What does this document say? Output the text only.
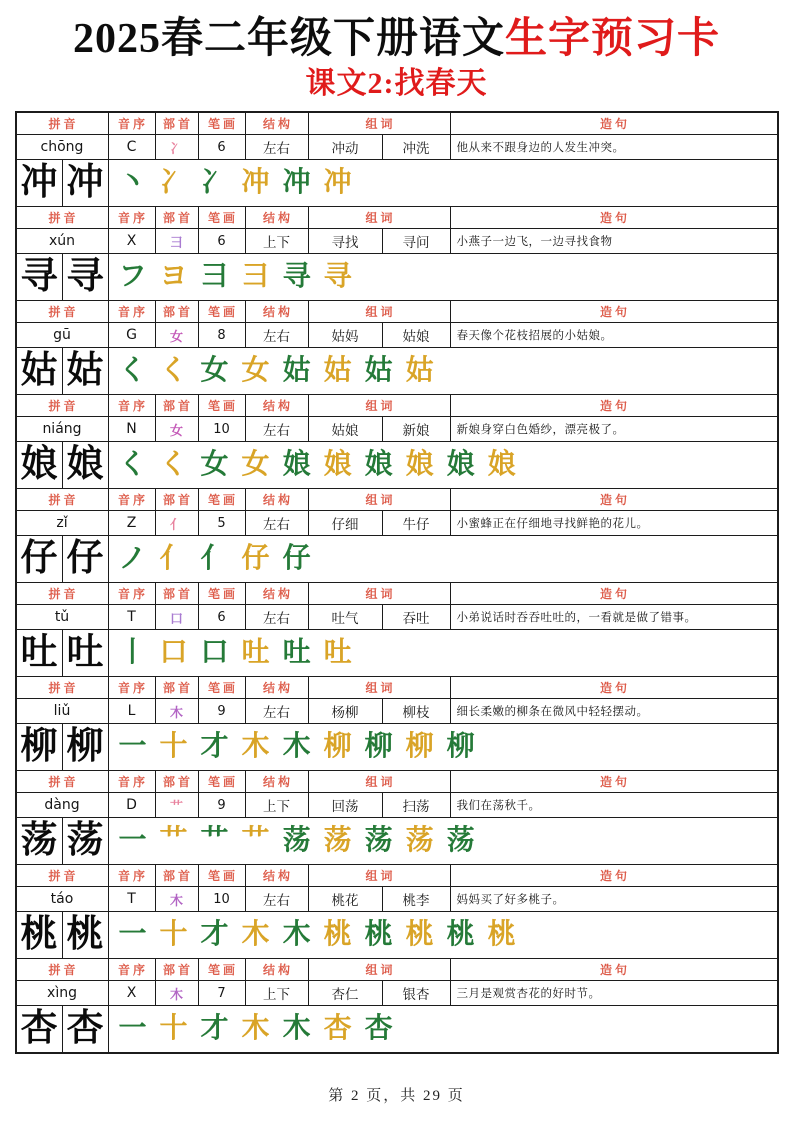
2025春二年级下册语文生字预习卡
课文2:找春天
拼音	音序	部首	笔画	结构	组词	造句
chōng	C	冫	6	左右	冲动	冲洗	他从来不跟身边的人发生冲突。
冲 冲 丶 冫 冫 冲 冲 冲
拼音	音序	部首	笔画	结构	组词	造句
xún	X	彐	6	上下	寻找	寻问	小燕子一边飞，一边寻找食物
寻 寻 フ ヨ 彐 彐 寻 寻
拼音	音序	部首	笔画	结构	组词	造句
gū	G	女	8	左右	姑妈	姑娘	春天像个花枝招展的小姑娘。
姑 姑 く く 女 女 姑 姑 姑 姑
拼音	音序	部首	笔画	结构	组词	造句
niáng	N	女	10	左右	姑娘	新娘	新娘身穿白色婚纱，漂亮极了。
娘 娘 く く 女 女 娘 娘 娘 娘 娘 娘
拼音	音序	部首	笔画	结构	组词	造句
zǐ	Z	亻	5	左右	仔细	牛仔	小蜜蜂正在仔细地寻找鲜艳的花儿。
仔 仔 ノ 亻 亻 仔 仔
拼音	音序	部首	笔画	结构	组词	造句
tǔ	T	口	6	左右	吐气	吞吐	小弟说话时吞吞吐吐的，一看就是做了错事。
吐 吐 丨 口 口 吐 吐 吐
拼音	音序	部首	笔画	结构	组词	造句
liǔ	L	木	9	左右	杨柳	柳枝	细长柔嫩的柳条在微风中轻轻摆动。
柳 柳 一 十 才 木 木 柳 柳 柳 柳
拼音	音序	部首	笔画	结构	组词	造句
dàng	D	艹	9	上下	回荡	扫荡	我们在荡秋千。
荡 荡 一 艹 艹 艹 荡 荡 荡 荡 荡
拼音	音序	部首	笔画	结构	组词	造句
táo	T	木	10	左右	桃花	桃李	妈妈买了好多桃子。
桃 桃 一 十 才 木 木 桃 桃 桃 桃 桃
拼音	音序	部首	笔画	结构	组词	造句
xìng	X	木	7	上下	杏仁	银杏	三月是观赏杏花的好时节。
杏 杏 一 十 才 木 木 杏 杏
第 2 页，共 29 页
